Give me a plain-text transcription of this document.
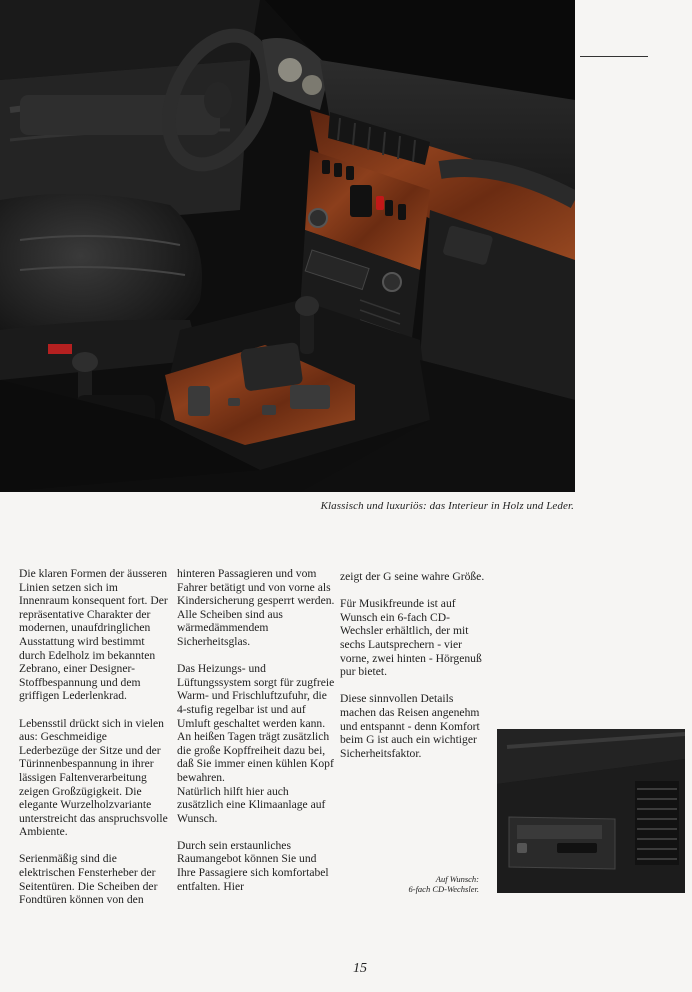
Klassisch und luxuriös: das Interieur in Holz und Leder.

Die klaren Formen der äusseren Linien setzen sich im Innenraum konsequent fort. Der repräsentative Charakter der modernen, unaufdringlichen Ausstattung wird bestimmt durch Edelholz im bekannten Zebrano, einer Designer-Stoffbespannung und dem griffigen Lederlenkrad.

Lebensstil drückt sich in vielen aus: Geschmeidige Lederbezüge der Sitze und der Türinnenbespannung in ihrer lässigen Faltenverarbeitung zeigen Großzügigkeit. Die elegante Wurzelholzvariante unterstreicht das anspruchsvolle Ambiente.

Serienmäßig sind die elektrischen Fensterheber der Seitentüren. Die Scheiben der Fondtüren können von den

hinteren Passagieren und vom Fahrer betätigt und von vorne als Kindersicherung gesperrt werden. Alle Scheiben sind aus wärmedämmendem Sicherheitsglas.

Das Heizungs- und Lüftungssystem sorgt für zugfreie Warm- und Frischluftzufuhr, die 4-stufig regelbar ist und auf Umluft geschaltet werden kann. An heißen Tagen trägt zusätzlich die große Kopffreiheit dazu bei, daß Sie immer einen kühlen Kopf bewahren.

Natürlich hilft hier auch zusätzlich eine Klimaanlage auf Wunsch.

Durch sein erstaunliches Raumangebot können Sie und Ihre Passagiere sich komfortabel entfalten. Hier

zeigt der G seine wahre Größe.

Für Musikfreunde ist auf Wunsch ein 6-fach CD-Wechsler erhältlich, der mit sechs Lautsprechern - vier vorne, zwei hinten - Hörgenuß pur bietet.

Diese sinnvollen Details machen das Reisen angenehm und entspannt - denn Komfort beim G ist auch ein wichtiger Sicherheitsfaktor.

Auf Wunsch:
6-fach CD-Wechsler.
15
